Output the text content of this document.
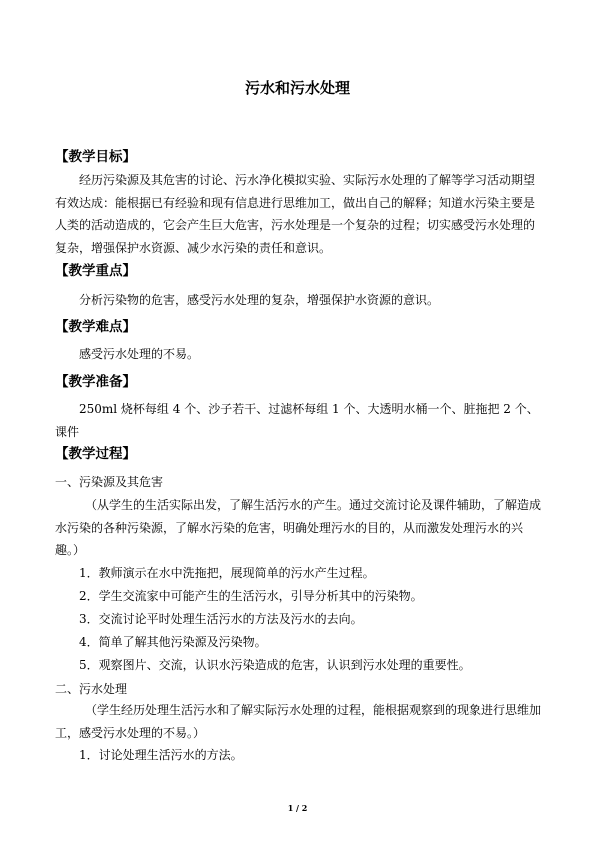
污水和污水处理
【教学目标】
经历污染源及其危害的讨论、污水净化模拟实验、实际污水处理的了解等学习活动期望有效达成：能根据已有经验和现有信息进行思维加工，做出自己的解释；知道水污染主要是人类的活动造成的，它会产生巨大危害，污水处理是一个复杂的过程；切实感受污水处理的复杂，增强保护水资源、减少水污染的责任和意识。
【教学重点】
分析污染物的危害，感受污水处理的复杂，增强保护水资源的意识。
【教学难点】
感受污水处理的不易。
【教学准备】
250ml 烧杯每组 4 个、沙子若干、过滤杯每组 1 个、大透明水桶一个、脏拖把 2 个、课件
【教学过程】
一、污染源及其危害
（从学生的生活实际出发，了解生活污水的产生。通过交流讨论及课件辅助，了解造成水污染的各种污染源，了解水污染的危害，明确处理污水的目的，从而激发处理污水的兴趣。）
1．教师演示在水中洗拖把，展现简单的污水产生过程。
2．学生交流家中可能产生的生活污水，引导分析其中的污染物。
3．交流讨论平时处理生活污水的方法及污水的去向。
4．简单了解其他污染源及污染物。
5．观察图片、交流，认识水污染造成的危害，认识到污水处理的重要性。
二、污水处理
（学生经历处理生活污水和了解实际污水处理的过程，能根据观察到的现象进行思维加工，感受污水处理的不易。）
1．讨论处理生活污水的方法。
1 / 2
